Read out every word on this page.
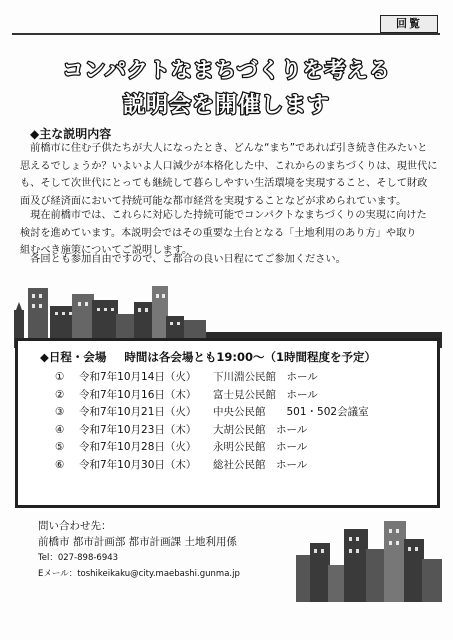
回覧
コンパクトなまちづくりを考える
説明会を開催します
◆主な説明内容
　前橋市に住む子供たちが大人になったとき、どんな“まち”であれば引き続き住みたいと
思えるでしょうか？いよいよ人口減少が本格化した中、これからのまちづくりは、現世代に
も、そして次世代にとっても継続して暮らしやすい生活環境を実現すること、そして財政
面及び経済面において持続可能な都市経営を実現することなどが求められています。
　現在前橋市では、これらに対応した持続可能でコンパクトなまちづくりの実現に向けた
検討を進めています。本説明会ではその重要な土台となる「土地利用のあり方」や取り
組むべき施策についてご説明します。
　各回とも参加自由ですので、ご都合の良い日程にてご参加ください。
◆日程・会場 時間は各会場とも19:00～（1時間程度を予定）
①	令和7年10月14日（火）	下川淵公民館　ホール
②	令和7年10月16日（木）	富士見公民館　ホール
③	令和7年10月21日（火）	中央公民館　　501・502会議室
④	令和7年10月23日（木）	大胡公民館　ホール
⑤	令和7年10月28日（火）	永明公民館　ホール
⑥	令和7年10月30日（木）	総社公民館　ホール
問い合わせ先：
前橋市 都市計画部 都市計画課 土地利用係
Tel：027-898-6943
Eメール：toshikeikaku@city.maebashi.gunma.jp
